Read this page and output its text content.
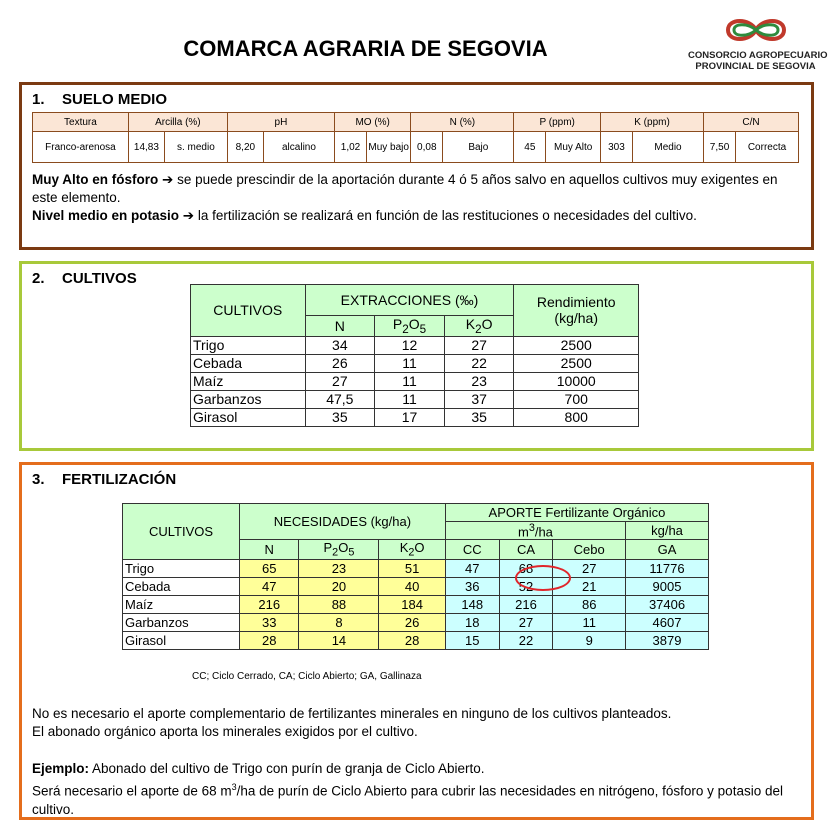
COMARCA AGRARIA DE SEGOVIA	CONSORCIO AGROPECUARIO
PROVINCIAL DE SEGOVIA
1. SUELO MEDIO
Textura	Arcilla (%)		pH		MO (%)		N (%)		P (ppm)		K (ppm)		C/N	
Franco-arenosa	14,83	s. medio	8,20	alcalino	1,02	Muy bajo	0,08	Bajo	45	Muy Alto	303	Medio	7,50	Correcta
Muy Alto en fósforo ➔ se puede prescindir de la aportación durante 4 ó 5 años salvo en aquellos cultivos muy exigentes en este elemento.
Nivel medio en potasio ➔ la fertilización se realizará en función de las restituciones o necesidades del cultivo.
2. CULTIVOS
CULTIVOS	EXTRACCIONES (‰)			Rendimiento (kg/ha)
	N	$P_2O_5$	$K_2O$	
Trigo	34	12	27	2500
Cebada	26	11	22	2500
Maíz	27	11	23	10000
Garbanzos	47,5	11	37	700
Girasol	35	17	35	800
3. FERTILIZACIÓN
CULTIVOS	NECESIDADES (kg/ha)			APORTE Fertilizante Orgánico			
				$m^3/ha$			kg/ha
	N	$P_2O_5$	$K_2O$	CC	CA	Cebo	GA
Trigo	65	23	51	47	68	27	11776
Cebada	47	20	40	36	52	21	9005
Maíz	216	88	184	148	216	86	37406
Garbanzos	33	8	26	18	27	11	4607
Girasol	28	14	28	15	22	9	3879
CC; Ciclo Cerrado, CA; Ciclo Abierto; GA, Gallinaza
No es necesario el aporte complementario de fertilizantes minerales en ninguno de los cultivos planteados.
El abonado orgánico aporta los minerales exigidos por el cultivo.
Ejemplo: Abonado del cultivo de Trigo con purín de granja de Ciclo Abierto.
Será necesario el aporte de 68 $m^3/ha$ de purín de Ciclo Abierto para cubrir las necesidades en nitrógeno, fósforo y potasio del cultivo.
